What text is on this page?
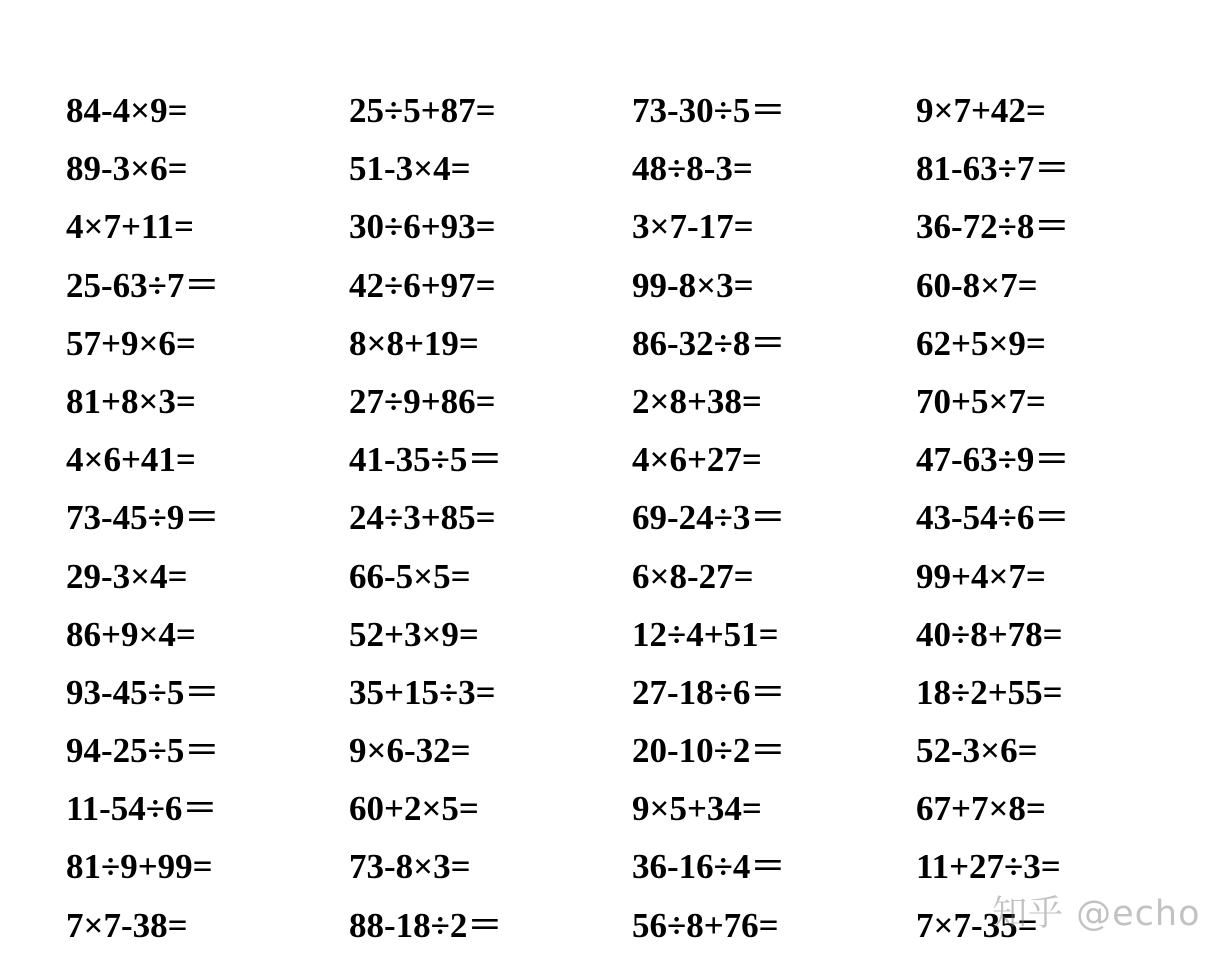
84-4×9=	25÷5+87=	73-30÷5＝	9×7+42=
89-3×6=	51-3×4=	48÷8-3=	81-63÷7＝
4×7+11=	30÷6+93=	3×7-17=	36-72÷8＝
25-63÷7＝	42÷6+97=	99-8×3=	60-8×7=
57+9×6=	8×8+19=	86-32÷8＝	62+5×9=
81+8×3=	27÷9+86=	2×8+38=	70+5×7=
4×6+41=	41-35÷5＝	4×6+27=	47-63÷9＝
73-45÷9＝	24÷3+85=	69-24÷3＝	43-54÷6＝
29-3×4=	66-5×5=	6×8-27=	99+4×7=
86+9×4=	52+3×9=	12÷4+51=	40÷8+78=
93-45÷5＝	35+15÷3=	27-18÷6＝	18÷2+55=
94-25÷5＝	9×6-32=	20-10÷2＝	52-3×6=
11-54÷6＝	60+2×5=	9×5+34=	67+7×8=
81÷9+99=	73-8×3=	36-16÷4＝	11+27÷3=
7×7-38=	88-18÷2＝	56÷8+76=	7×7-35=
知乎 @echo
